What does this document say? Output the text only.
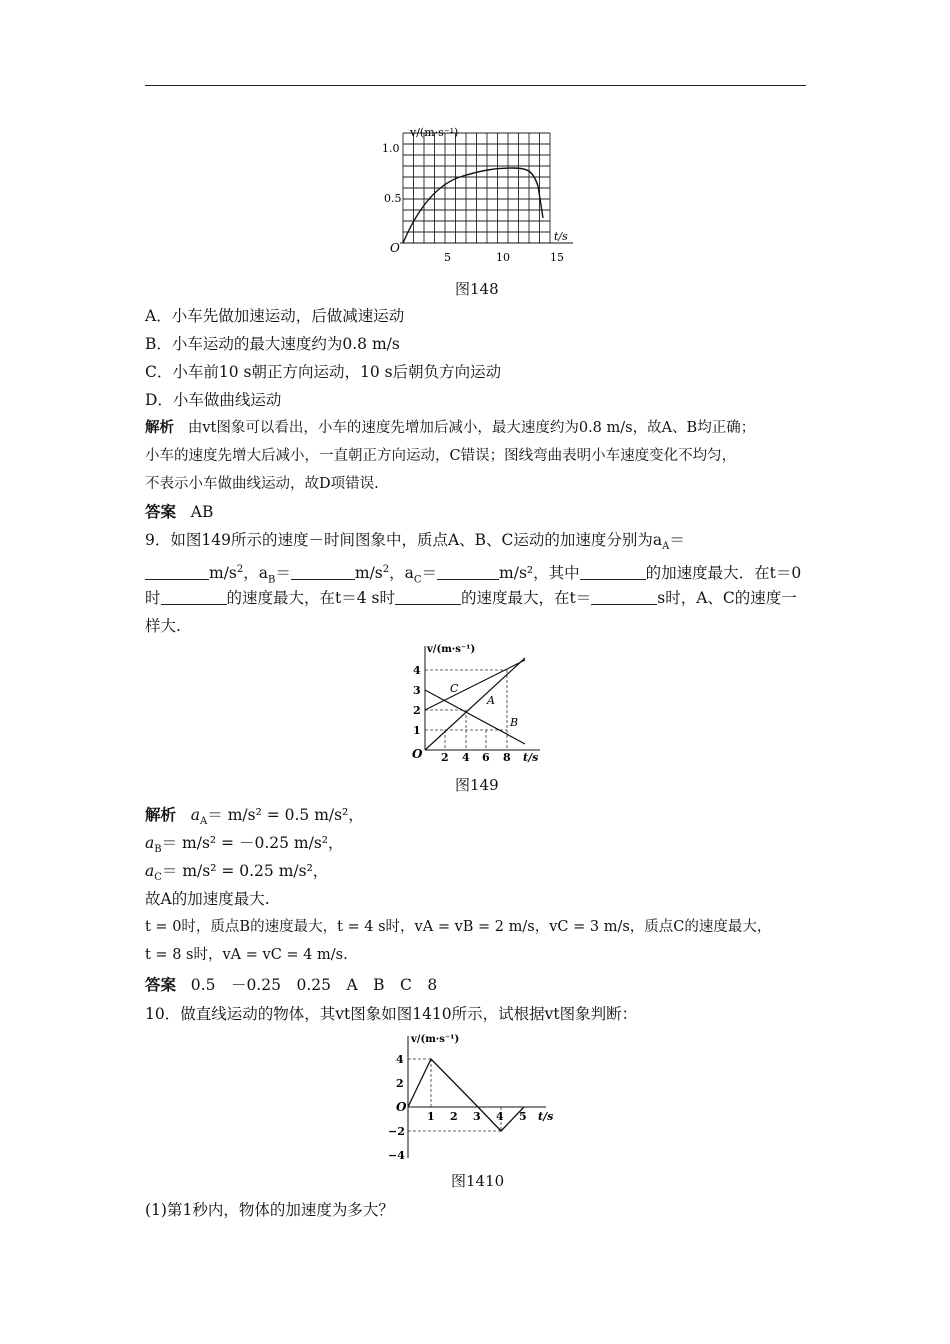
v/(m·s⁻¹)
1.0
0.5
O
5	10	15
t/s
图148
A．小车先做加速运动，后做减速运动
B．小车运动的最大速度约为0.8 m/s
C．小车前10 s朝正方向运动，10 s后朝负方向运动
D．小车做曲线运动
解析 由vt图象可以看出，小车的速度先增加后减小，最大速度约为0.8 m/s，故A、B均正确；
小车的速度先增大后减小，一直朝正方向运动，C错误；图线弯曲表明小车速度变化不均匀，
不表示小车做曲线运动，故D项错误.
答案 AB
9．如图149所示的速度－时间图象中，质点A、B、C运动的加速度分别为$a_A=$
$m/s^2$，$a_B=$	$m/s^2$，$a_C=$	m/s²，其中	的加速度最大．在t＝0
时	的速度最大，在t＝4 s时	的速度最大，在t＝	s时，A、C的速度一
样大.
v/(m·s⁻¹)
4
3
2
1
O 2 4 6 8 t/s
A
B
C
图149
解析 $a_A= m/s^2 = 0.5$ m/s²，
$a_B= m/s^2 = -0.25$ m/s²，
$a_C= m/s^2 = 0.25$ m/s²，
故A的加速度最大.
t = 0时，质点B的速度最大，t = 4 s时，vA = vB = 2 m/s，vC = 3 m/s，质点C的速度最大，
t = 8 s时，vA = vC = 4 m/s.
答案 0.5　－0.25　0.25　A　B　C　8
10．做直线运动的物体，其vt图象如图1410所示，试根据vt图象判断：
v/(m·s⁻¹)
4
2
−2
−4
O
1 2 3 4 5 t/s
图1410
(1)第1秒内，物体的加速度为多大？
